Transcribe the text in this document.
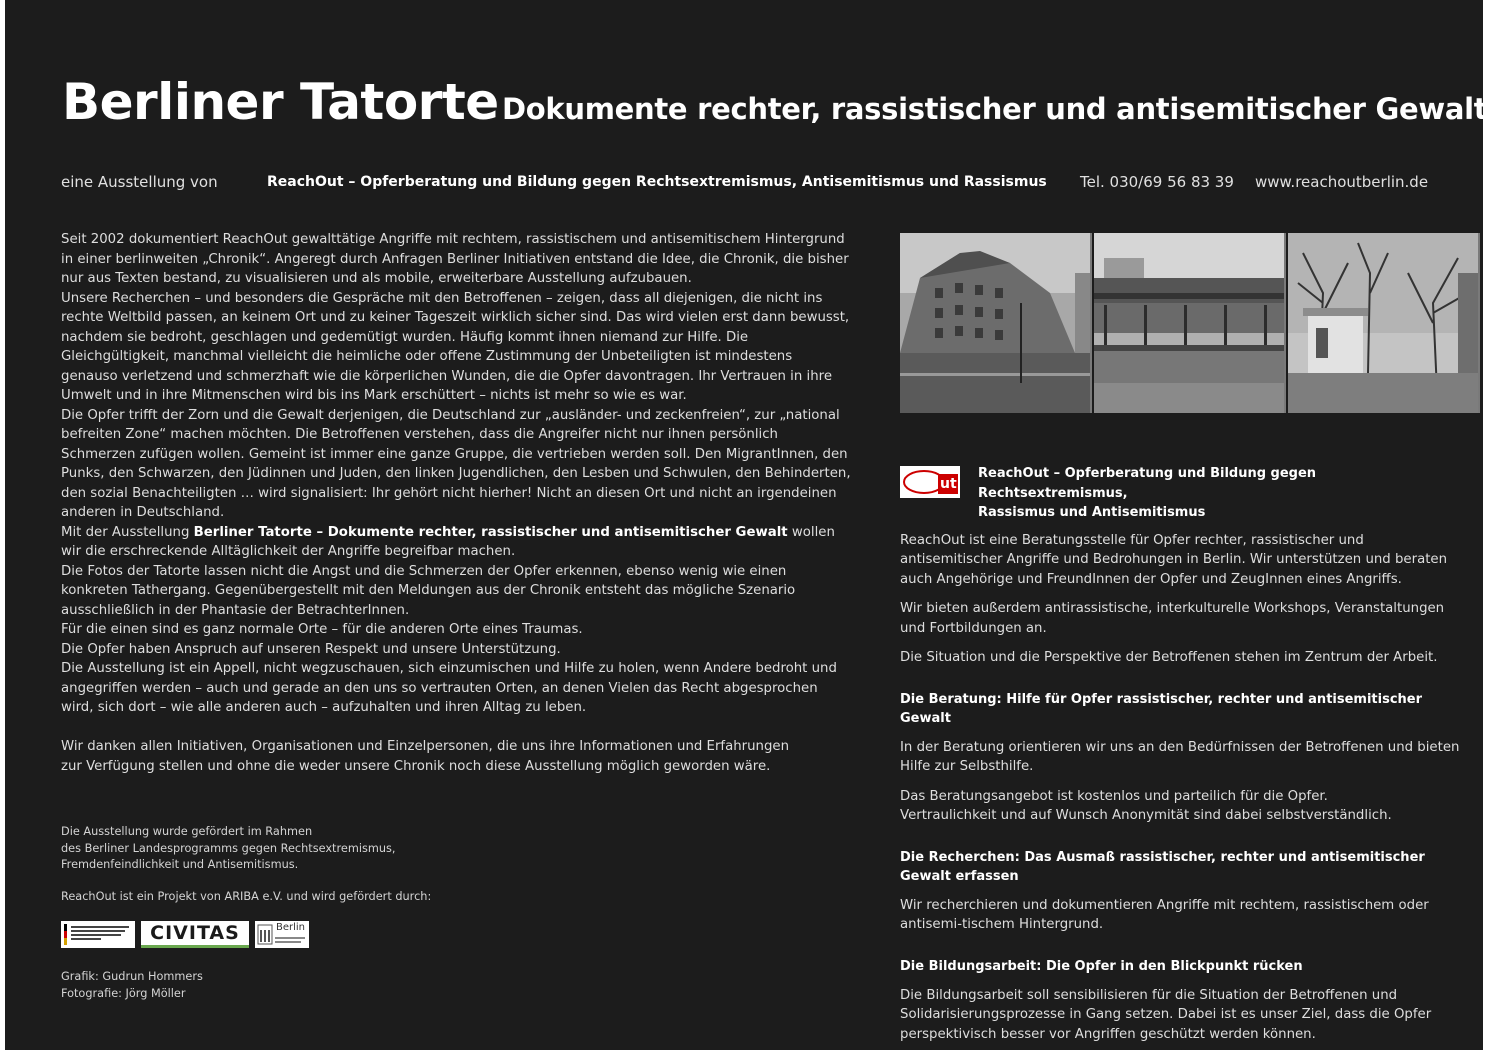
Berliner Tatorte Dokumente rechter, rassistischer und antisemitischer Gewalt
eine Ausstellung von	ReachOut – Opferberatung und Bildung gegen Rechtsextremismus, Antisemitismus und Rassismus Tel. 030/69 56 83 39 www.reachoutberlin.de

Seit 2002 dokumentiert ReachOut gewalttätige Angriffe mit rechtem, rassistischem und antisemitischem Hintergrund in einer berlinweiten „Chronik“. Angeregt durch Anfragen Berliner Initiativen entstand die Idee, die Chronik, die bisher nur aus Texten bestand, zu visualisieren und als mobile, erweiterbare Ausstellung aufzubauen.

Unsere Recherchen – und besonders die Gespräche mit den Betroffenen – zeigen, dass all diejenigen, die nicht ins rechte Weltbild passen, an keinem Ort und zu keiner Tageszeit wirklich sicher sind. Das wird vielen erst dann bewusst, nachdem sie bedroht, geschlagen und gedemütigt wurden. Häufig kommt ihnen niemand zur Hilfe. Die Gleichgültigkeit, manchmal vielleicht die heimliche oder offene Zustimmung der Unbeteiligten ist mindestens genauso verletzend und schmerzhaft wie die körperlichen Wunden, die die Opfer davontragen. Ihr Vertrauen in ihre Umwelt und in ihre Mitmenschen wird bis ins Mark erschüttert – nichts ist mehr so wie es war.

Die Opfer trifft der Zorn und die Gewalt derjenigen, die Deutschland zur „ausländer- und zeckenfreien“, zur „national befreiten Zone“ machen möchten. Die Betroffenen verstehen, dass die Angreifer nicht nur ihnen persönlich Schmerzen zufügen wollen. Gemeint ist immer eine ganze Gruppe, die vertrieben werden soll. Den MigrantInnen, den Punks, den Schwarzen, den Jüdinnen und Juden, den linken Jugendlichen, den Lesben und Schwulen, den Behinderten, den sozial Benachteiligten … wird signalisiert: Ihr gehört nicht hierher! Nicht an diesen Ort und nicht an irgendeinen anderen in Deutschland.

Mit der Ausstellung Berliner Tatorte – Dokumente rechter, rassistischer und antisemitischer Gewalt wollen wir die erschreckende Alltäglichkeit der Angriffe begreifbar machen.

Die Fotos der Tatorte lassen nicht die Angst und die Schmerzen der Opfer erkennen, ebenso wenig wie einen konkreten Tathergang. Gegenübergestellt mit den Meldungen aus der Chronik entsteht das mögliche Szenario ausschließlich in der Phantasie der BetrachterInnen.

Für die einen sind es ganz normale Orte – für die anderen Orte eines Traumas.

Die Opfer haben Anspruch auf unseren Respekt und unsere Unterstützung.

Die Ausstellung ist ein Appell, nicht wegzuschauen, sich einzumischen und Hilfe zu holen, wenn Andere bedroht und angegriffen werden – auch und gerade an den uns so vertrauten Orten, an denen Vielen das Recht abgesprochen wird, sich dort – wie alle anderen auch – aufzuhalten und ihren Alltag zu leben.

Wir danken allen Initiativen, Organisationen und Einzelpersonen, die uns ihre Informationen und Erfahrungen

zur Verfügung stellen und ohne die weder unsere Chronik noch diese Ausstellung möglich geworden wäre.

Die Ausstellung wurde gefördert im Rahmen

des Berliner Landesprogramms gegen Rechtsextremismus,

Fremdenfeindlichkeit und Antisemitismus.

ReachOut ist ein Projekt von ARIBA e.V. und wird gefördert durch:
CIVITAS	Berlin

Grafik: Gudrun Hommers

Fotografie: Jörg Möller

ut
ReachOut – Opferberatung und Bildung gegen Rechtsextremismus,
Rassismus und Antisemitismus

ReachOut ist eine Beratungsstelle für Opfer rechter, rassistischer und antisemitischer Angriffe und Bedrohungen in Berlin. Wir unterstützen und beraten auch Angehörige und FreundInnen der Opfer und ZeugInnen eines Angriffs.

Wir bieten außerdem antirassistische, interkulturelle Workshops, Veranstaltungen und Fortbildungen an.

Die Situation und die Perspektive der Betroffenen stehen im Zentrum der Arbeit.

Die Beratung: Hilfe für Opfer rassistischer, rechter und antisemitischer Gewalt

In der Beratung orientieren wir uns an den Bedürfnissen der Betroffenen und bieten Hilfe zur Selbsthilfe.

Das Beratungsangebot ist kostenlos und parteilich für die Opfer.
Vertraulichkeit und auf Wunsch Anonymität sind dabei selbstverständlich.

Die Recherchen: Das Ausmaß rassistischer, rechter und antisemitischer Gewalt erfassen

Wir recherchieren und dokumentieren Angriffe mit rechtem, rassistischem oder antisemi-tischem Hintergrund.

Die Bildungsarbeit: Die Opfer in den Blickpunkt rücken

Die Bildungsarbeit soll sensibilisieren für die Situation der Betroffenen und Solidarisierungsprozesse in Gang setzen. Dabei ist es unser Ziel, dass die Opfer perspektivisch besser vor Angriffen geschützt werden können.
